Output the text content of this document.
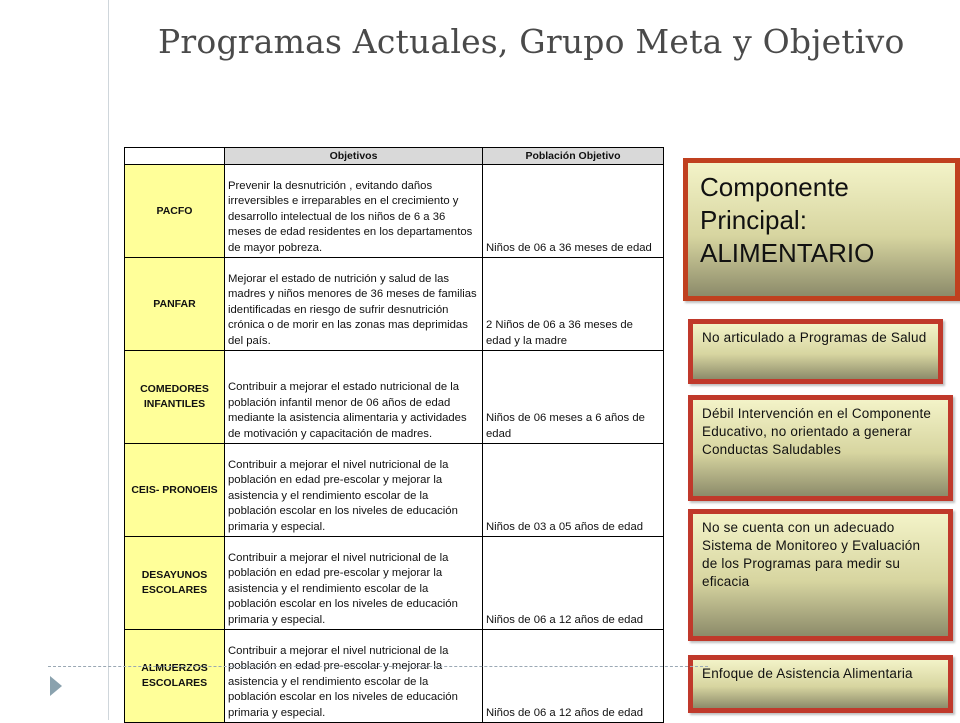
Programas Actuales, Grupo Meta y Objetivo
	Objetivos	Población Objetivo
PACFO	Prevenir la desnutrición , evitando daños irreversibles e irreparables en el crecimiento y desarrollo intelectual de los niños de 6 a 36 meses de edad residentes en los departamentos de mayor pobreza.	Niños de 06 a 36 meses de edad
PANFAR	Mejorar el estado de nutrición y salud de las madres y niños menores de 36 meses de familias identificadas en riesgo de sufrir desnutrición crónica o de morir en las zonas mas deprimidas del país.	2 Niños de 06 a 36 meses de edad y la madre
COMEDORES INFANTILES	Contribuir a mejorar el estado nutricional de la población infantil menor de 06 años de edad mediante la asistencia alimentaria y actividades de motivación y capacitación de madres.	Niños de 06 meses a 6 años de edad
CEIS- PRONOEIS	Contribuir a mejorar el nivel nutricional de la población en edad pre-escolar y mejorar la asistencia y el rendimiento escolar de la población escolar en los niveles de educación primaria y especial.	Niños de 03 a 05 años de edad
DESAYUNOS ESCOLARES	Contribuir a mejorar el nivel nutricional de la población en edad pre-escolar y mejorar la asistencia y el rendimiento escolar de la población escolar en los niveles de educación primaria y especial.	Niños de 06 a 12 años de edad
ALMUERZOS ESCOLARES	Contribuir a mejorar el nivel nutricional de la población en edad pre-escolar y mejorar la asistencia y el rendimiento escolar de la población escolar en los niveles de educación primaria y especial.	Niños de 06 a 12 años de edad
Componente Principal: ALIMENTARIO
No articulado a Programas de Salud
Débil Intervención en el Componente Educativo, no orientado a generar Conductas Saludables
No se cuenta con un adecuado Sistema de Monitoreo y Evaluación de los Programas para medir su eficacia
Enfoque de Asistencia Alimentaria
